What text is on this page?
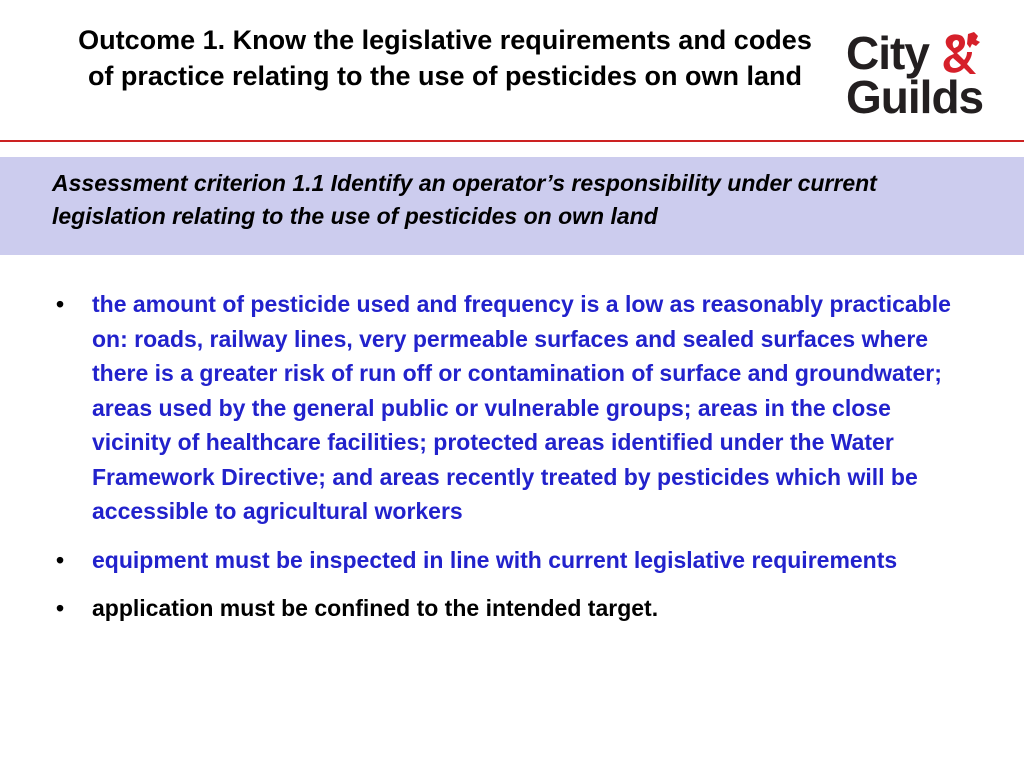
Outcome 1. Know the legislative requirements and codes of practice relating to the use of pesticides on own land City
Guilds

Assessment criterion 1.1 Identify an operator’s responsibility under current legislation relating to the use of pesticides on own land

• the amount of pesticide used and frequency is a low as reasonably practicable on: roads, railway lines, very permeable surfaces and sealed surfaces where there is a greater risk of run off or contamination of surface and groundwater; areas used by the general public or vulnerable groups; areas in the close vicinity of healthcare facilities; protected areas identified under the Water Framework Directive; and areas recently treated by pesticides which will be accessible to agricultural workers
• equipment must be inspected in line with current legislative requirements
• application must be confined to the intended target.
